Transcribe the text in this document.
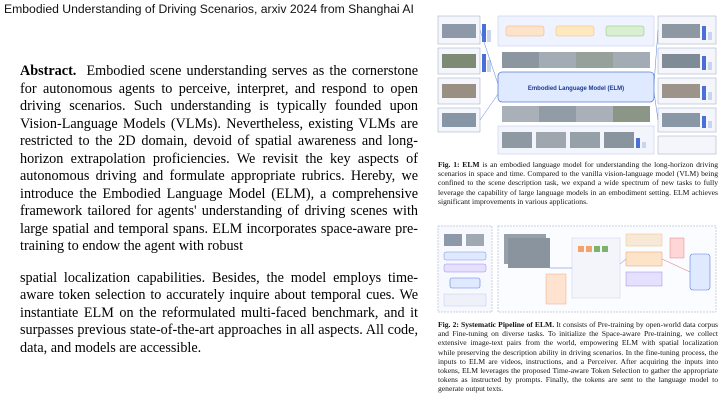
Embodied Understanding of Driving Scenarios, arxiv 2024 from Shanghai AI

Abstract. Embodied scene understanding serves as the cornerstone for autonomous agents to perceive, interpret, and respond to open driving scenarios. Such understanding is typically founded upon Vision-Language Models (VLMs). Nevertheless, existing VLMs are restricted to the 2D domain, devoid of spatial awareness and long-horizon extrapolation proficiencies. We revisit the key aspects of autonomous driving and formulate appropriate rubrics. Hereby, we introduce the Embodied Language Model (ELM), a comprehensive framework tailored for agents' understanding of driving scenes with large spatial and temporal spans. ELM incorporates space-aware pre-training to endow the agent with robust

spatial localization capabilities. Besides, the model employs time-aware token selection to accurately inquire about temporal cues. We instantiate ELM on the reformulated multi-faced benchmark, and it surpasses previous state-of-the-art approaches in all aspects. All code, data, and models are accessible.

Embodied Language Model (ELM)
Fig. 1: ELM is an embodied language model for understanding the long-horizon driving scenarios in space and time. Compared to the vanilla vision-language model (VLM) being confined to the scene description task, we expand a wide spectrum of new tasks to fully leverage the capability of large language models in an embodiment setting. ELM achieves significant improvements in various applications.
Fig. 2: Systematic Pipeline of ELM. It consists of Pre-training by open-world data corpus and Fine-tuning on diverse tasks. To initialize the Space-aware Pre-training, we collect extensive image-text pairs from the world, empowering ELM with spatial localization while preserving the description ability in driving scenarios. In the fine-tuning process, the inputs to ELM are videos, instructions, and a Perceiver. After acquiring the inputs into tokens, ELM leverages the proposed Time-aware Token Selection to gather the appropriate tokens as instructed by prompts. Finally, the tokens are sent to the language model to generate output texts.
